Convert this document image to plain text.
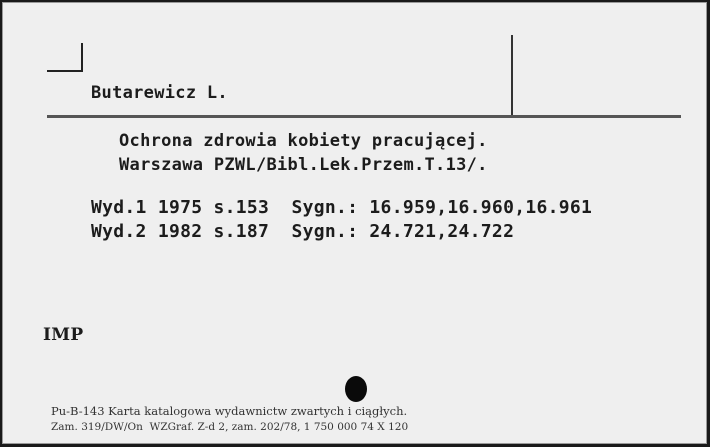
Butarewicz L.
Ochrona zdrowia kobiety pracującej.
Warszawa PZWL/Bibl.Lek.Przem.T.13/.
Wyd.1 1975 s.153  Sygn.: 16.959,16.960,16.961
Wyd.2 1982 s.187  Sygn.: 24.721,24.722
IMP
Pu-B-143 Karta katalogowa wydawnictw zwartych i ciągłych.
Zam. 319/DW/On  WZGraf. Z-d 2, zam. 202/78, 1 750 000 74 X 120
